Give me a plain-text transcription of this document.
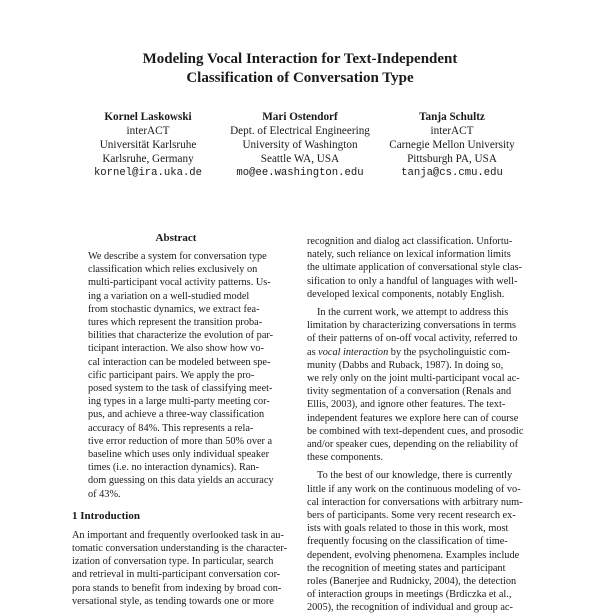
Modeling Vocal Interaction for Text-Independent
Classification of Conversation Type
Kornel Laskowski
interACT
Universität Karlsruhe
Karlsruhe, Germany
kornel@ira.uka.de
Mari Ostendorf
Dept. of Electrical Engineering
University of Washington
Seattle WA, USA
mo@ee.washington.edu
Tanja Schultz
interACT
Carnegie Mellon University
Pittsburgh PA, USA
tanja@cs.cmu.edu
Abstract
We describe a system for conversation type
classification which relies exclusively on
multi-participant vocal activity patterns. Us-
ing a variation on a well-studied model
from stochastic dynamics, we extract fea-
tures which represent the transition proba-
bilities that characterize the evolution of par-
ticipant interaction. We also show how vo-
cal interaction can be modeled between spe-
cific participant pairs. We apply the pro-
posed system to the task of classifying meet-
ing types in a large multi-party meeting cor-
pus, and achieve a three-way classification
accuracy of 84%. This represents a rela-
tive error reduction of more than 50% over a
baseline which uses only individual speaker
times (i.e. no interaction dynamics). Ran-
dom guessing on this data yields an accuracy
of 43%.
1 Introduction
An important and frequently overlooked task in au-
tomatic conversation understanding is the character-
ization of conversation type. In particular, search
and retrieval in multi-participant conversation cor-
pora stands to benefit from indexing by broad con-
versational style, as tending towards one or more
recognition and dialog act classification. Unfortu-
nately, such reliance on lexical information limits
the ultimate application of conversational style clas-
sification to only a handful of languages with well-
developed lexical components, notably English.
In the current work, we attempt to address this
limitation by characterizing conversations in terms
of their patterns of on-off vocal activity, referred to
as vocal interaction by the psycholinguistic com-
munity (Dabbs and Ruback, 1987). In doing so,
we rely only on the joint multi-participant vocal ac-
tivity segmentation of a conversation (Renals and
Ellis, 2003), and ignore other features. The text-
independent features we explore here can of course
be combined with text-dependent cues, and prosodic
and/or speaker cues, depending on the reliability of
these components.
To the best of our knowledge, there is currently
little if any work on the continuous modeling of vo-
cal interaction for conversations with arbitrary num-
bers of participants. Some very recent research ex-
ists with goals related to those in this work, most
frequently focusing on the classification of time-
dependent, evolving phenomena. Examples include
the recognition of meeting states and participant
roles (Banerjee and Rudnicky, 2004), the detection
of interaction groups in meetings (Brdiczka et al.,
2005), the recognition of individual and group ac-
